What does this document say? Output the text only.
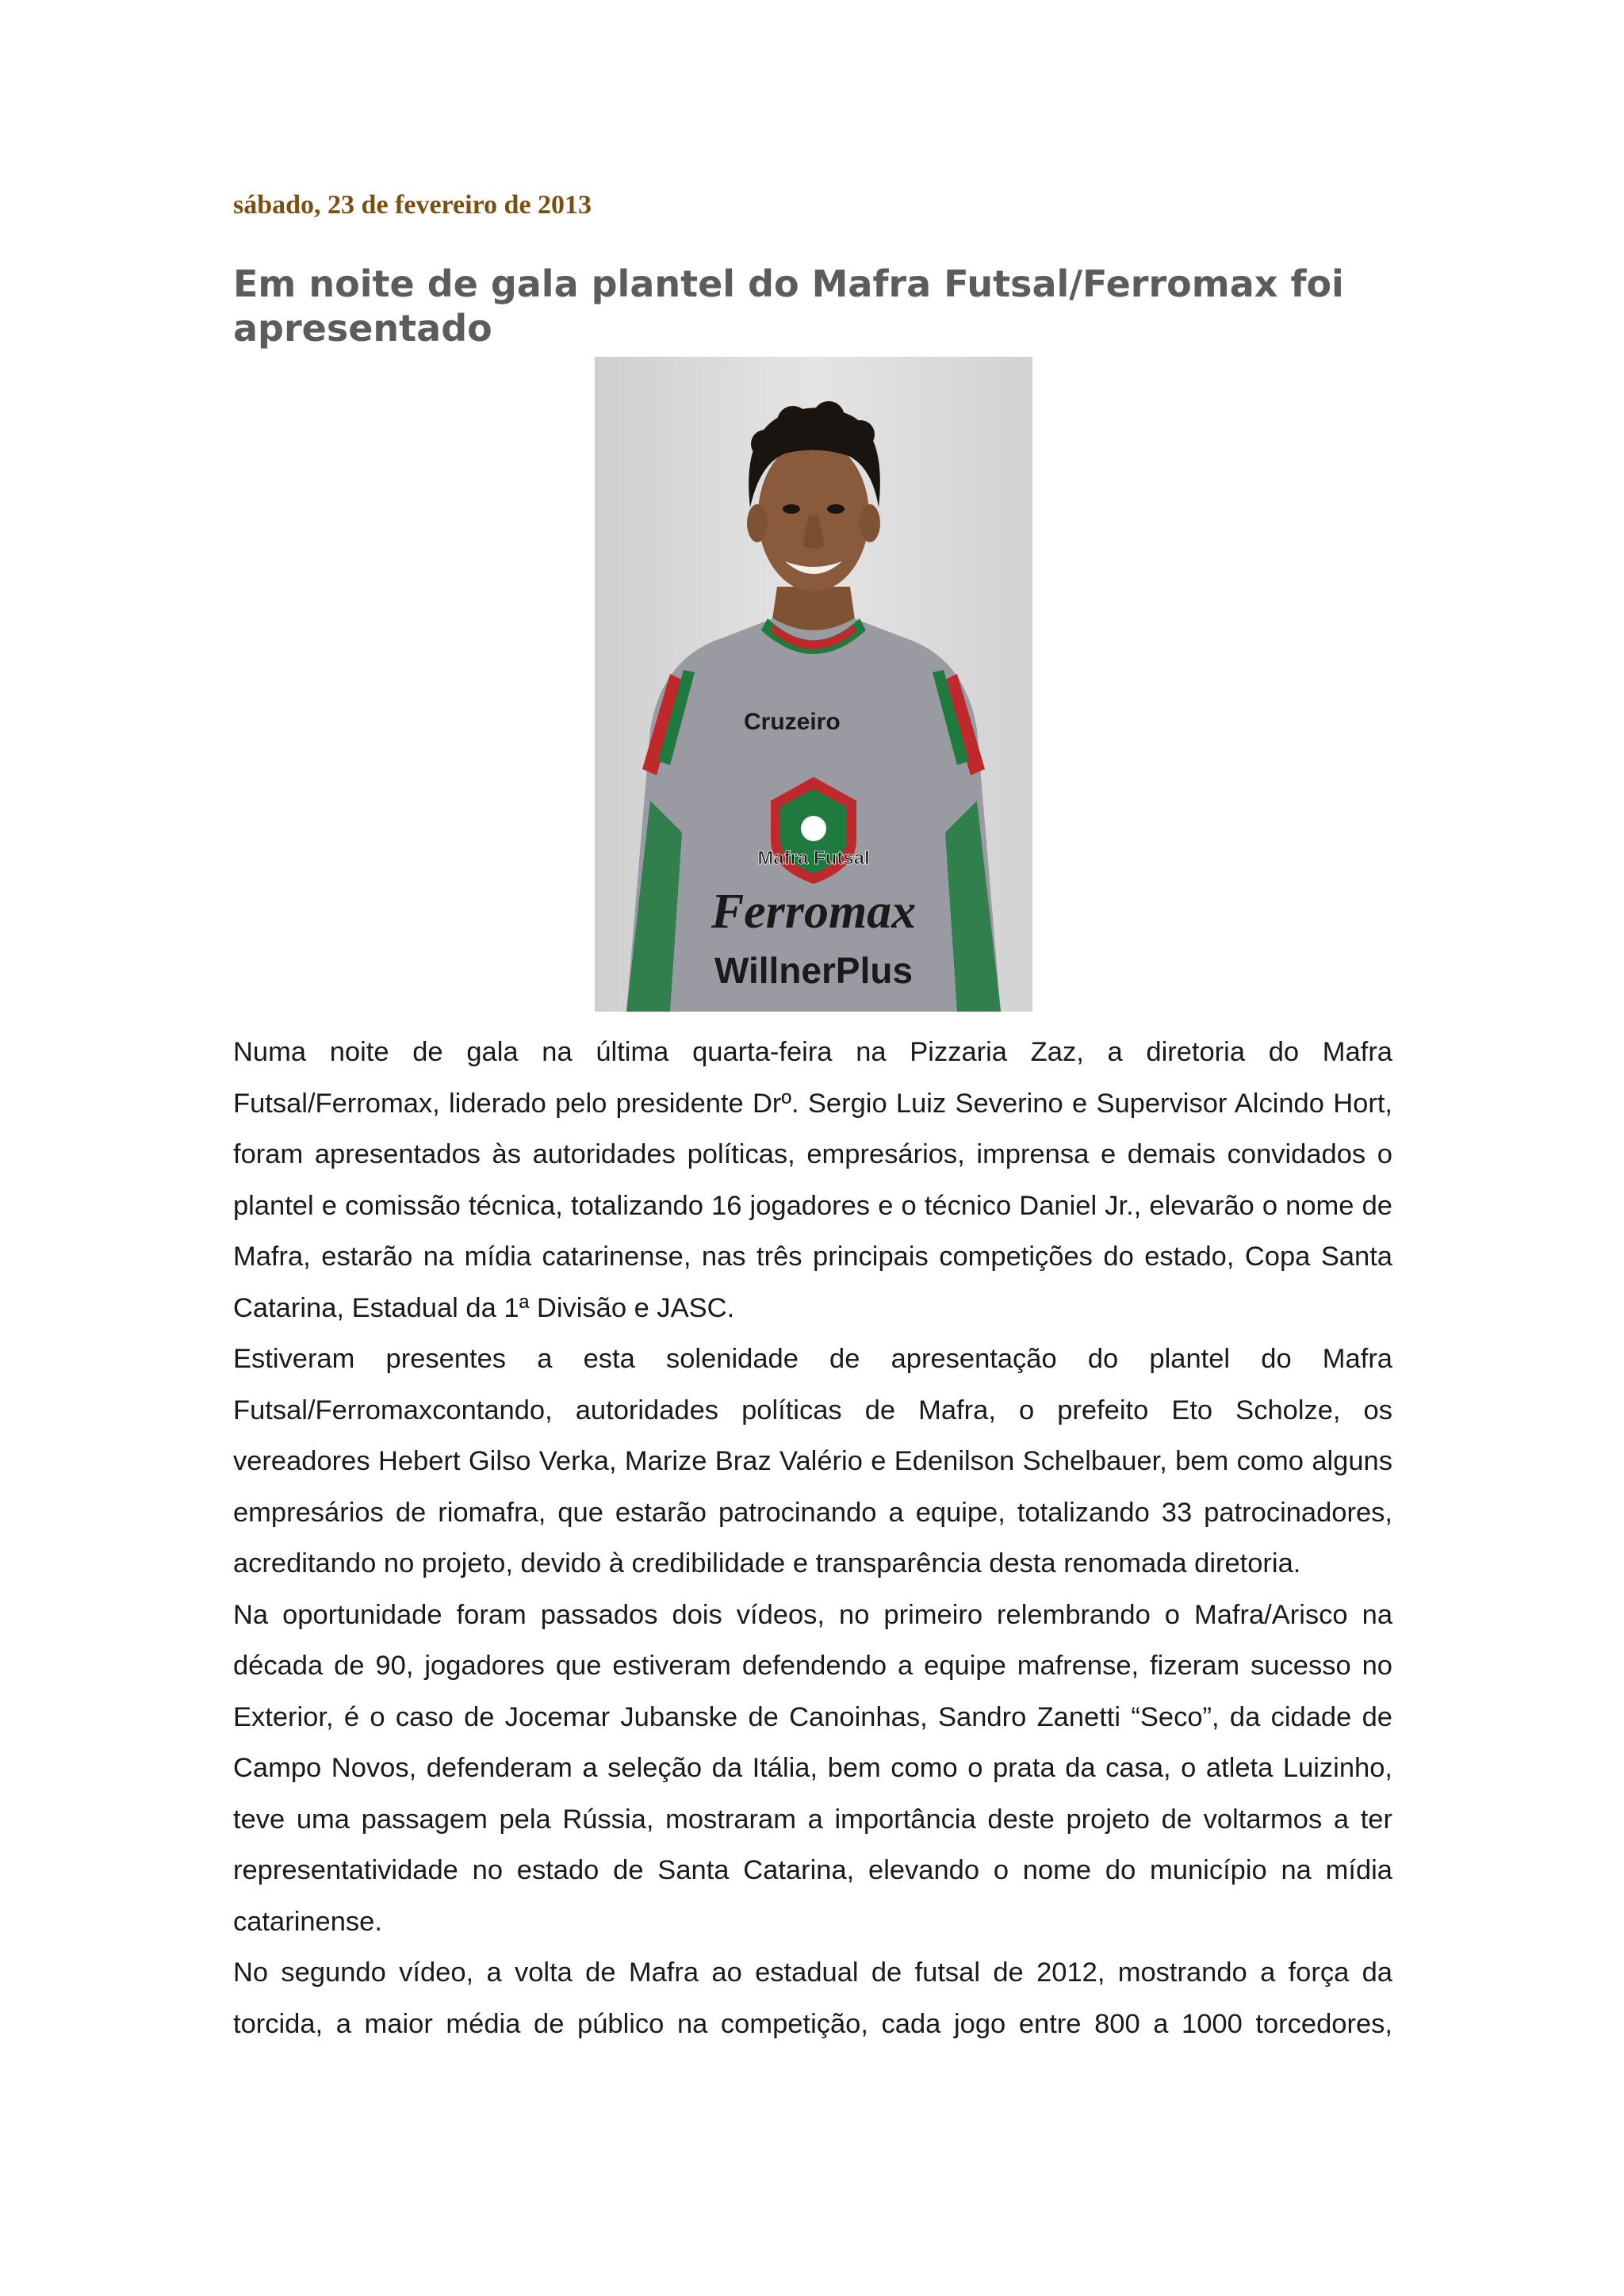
sábado, 23 de fevereiro de 2013
Em noite de gala plantel do Mafra Futsal/Ferromax foi apresentado
Cruzeiro
Mafra Futsal
Ferromax
WillnerPlus

Numa noite de gala na última quarta-feira na Pizzaria Zaz, a diretoria do Mafra Futsal/Ferromax, liderado pelo presidente Drº. Sergio Luiz Severino e Supervisor Alcindo Hort, foram apresentados às autoridades políticas, empresários, imprensa e demais convidados o plantel e comissão técnica, totalizando 16 jogadores e o técnico Daniel Jr., elevarão o nome de Mafra, estarão na mídia catarinense, nas três principais competições do estado, Copa Santa Catarina, Estadual da 1ª Divisão e JASC.

Estiveram presentes a esta solenidade de apresentação do plantel do Mafra Futsal/Ferromaxcontando, autoridades políticas de Mafra, o prefeito Eto Scholze, os vereadores Hebert Gilso Verka, Marize Braz Valério e Edenilson Schelbauer, bem como alguns empresários de riomafra, que estarão patrocinando a equipe, totalizando 33 patrocinadores, acreditando no projeto, devido à credibilidade e transparência desta renomada diretoria.

Na oportunidade foram passados dois vídeos, no primeiro relembrando o Mafra/Arisco na década de 90, jogadores que estiveram defendendo a equipe mafrense, fizeram sucesso no Exterior, é o caso de Jocemar Jubanske de Canoinhas, Sandro Zanetti “Seco”, da cidade de Campo Novos, defenderam a seleção da Itália, bem como o prata da casa, o atleta Luizinho, teve uma passagem pela Rússia, mostraram a importância deste projeto de voltarmos a ter representatividade no estado de Santa Catarina, elevando o nome do município na mídia catarinense.

No segundo vídeo, a volta de Mafra ao estadual de futsal de 2012, mostrando a força da torcida, a maior média de público na competição, cada jogo entre 800 a 1000 torcedores,
